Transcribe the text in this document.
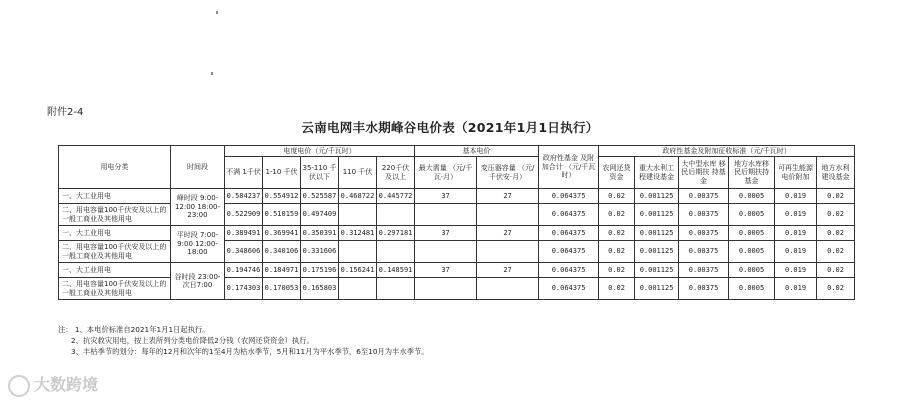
附件2-4
云南电网丰水期峰谷电价表（2021年1月1日执行）
用电分类	时间段	电度电价（元/千瓦时）					基本电价		政府性基金 及附加合计 （元/千瓦时）	政府性基金及附加征收标准（元/千瓦时）					
		不满 1千伏	1-10 千伏	35-110 千伏以下	110 千伏	220千伏 及以上	最大需量 （元/千瓦·月）	变压器容量 （元/千伏安·月）		农网还贷 资金	重大水利工 程建设基金	大中型水库 移民后期扶 持基金	地方水库移 民后期扶持 基金	可再生能源 电价附加	地方水利 建设基金
一、大工业用电	峰时段 9:00-12:00 18:00-23:00	0.584237	0.554912	0.525587	0.468722	0.445772	37	27	0.064375	0.02	0.001125	0.00375	0.0005	0.019	0.02
二、用电容量100千伏安及以上的一般工商业及其他用电		0.522909	0.510159	0.497409					0.064375	0.02	0.001125	0.00375	0.0005	0.019	0.02
一、大工业用电	平时段 7:00-9:00 12:00-18:00	0.389491	0.369941	0.350391	0.312481	0.297181	37	27	0.064375	0.02	0.001125	0.00375	0.0005	0.019	0.02
二、用电容量100千伏安及以上的一般工商业及其他用电		0.348606	0.340106	0.331606					0.064375	0.02	0.001125	0.00375	0.0005	0.019	0.02
一、大工业用电	谷时段 23:00- 次日7:00	0.194746	0.184971	0.175196	0.156241	0.148591	37	27	0.064375	0.02	0.001125	0.00375	0.0005	0.019	0.02
二、用电容量100千伏安及以上的一般工商业及其他用电		0.174303	0.170053	0.165803					0.064375	0.02	0.001125	0.00375	0.0005	0.019	0.02
注： 1、本电价标准自2021年1月1日起执行。
2、抗灾救灾用电，按上表所列分类电价降低2分钱（农网还贷资金）执行。
3、丰枯季节的划分：每年的12月和次年的1至4月为枯水季节，5月和11月为平水季节，6至10月为丰水季节。
大数跨境
